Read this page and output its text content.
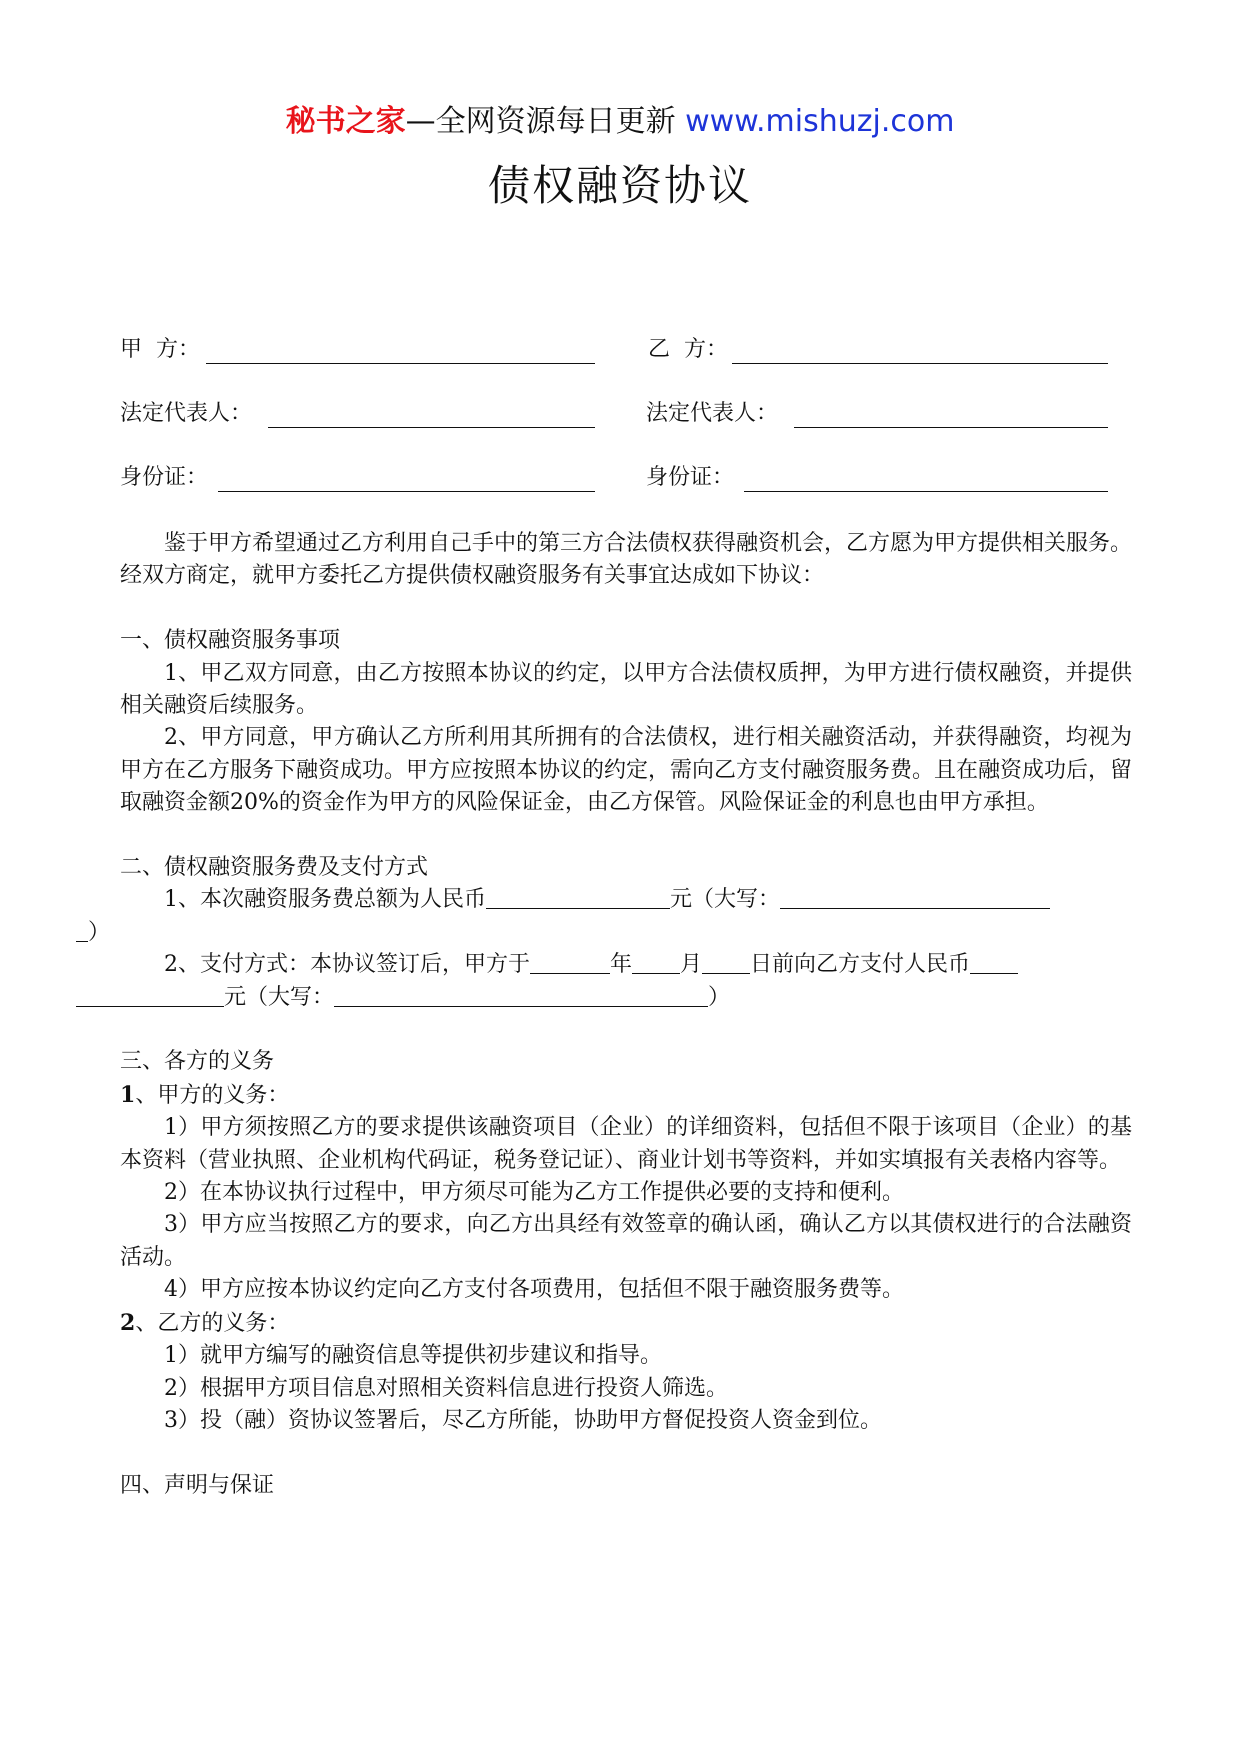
秘书之家—全网资源每日更新 www.mishuzj.com
债权融资协议
甲  方：	乙  方：
法定代表人：	法定代表人：
身份证：	身份证：

鉴于甲方希望通过乙方利用自己手中的第三方合法债权获得融资机会，乙方愿为甲方提供相关服务。经双方商定，就甲方委托乙方提供债权融资服务有关事宜达成如下协议：

一、债权融资服务事项

1、甲乙双方同意，由乙方按照本协议的约定，以甲方合法债权质押，为甲方进行债权融资，并提供相关融资后续服务。

2、甲方同意，甲方确认乙方所利用其所拥有的合法债权，进行相关融资活动，并获得融资，均视为甲方在乙方服务下融资成功。甲方应按照本协议的约定，需向乙方支付融资服务费。且在融资成功后，留取融资金额20%的资金作为甲方的风险保证金，由乙方保管。风险保证金的利息也由甲方承担。

二、债权融资服务费及支付方式

1、本次融资服务费总额为人民币	元（大写：
）

2、支付方式：本协议签订后，甲方于	年 月 日前向乙方支付人民币
元（大写：	）

三、各方的义务

1、甲方的义务：

1）甲方须按照乙方的要求提供该融资项目（企业）的详细资料，包括但不限于该项目（企业）的基本资料（营业执照、企业机构代码证，税务登记证）、商业计划书等资料，并如实填报有关表格内容等。

2）在本协议执行过程中，甲方须尽可能为乙方工作提供必要的支持和便利。

3）甲方应当按照乙方的要求，向乙方出具经有效签章的确认函，确认乙方以其债权进行的合法融资活动。

4）甲方应按本协议约定向乙方支付各项费用，包括但不限于融资服务费等。

2、乙方的义务：

1）就甲方编写的融资信息等提供初步建议和指导。

2）根据甲方项目信息对照相关资料信息进行投资人筛选。

3）投（融）资协议签署后，尽乙方所能，协助甲方督促投资人资金到位。

四、声明与保证
